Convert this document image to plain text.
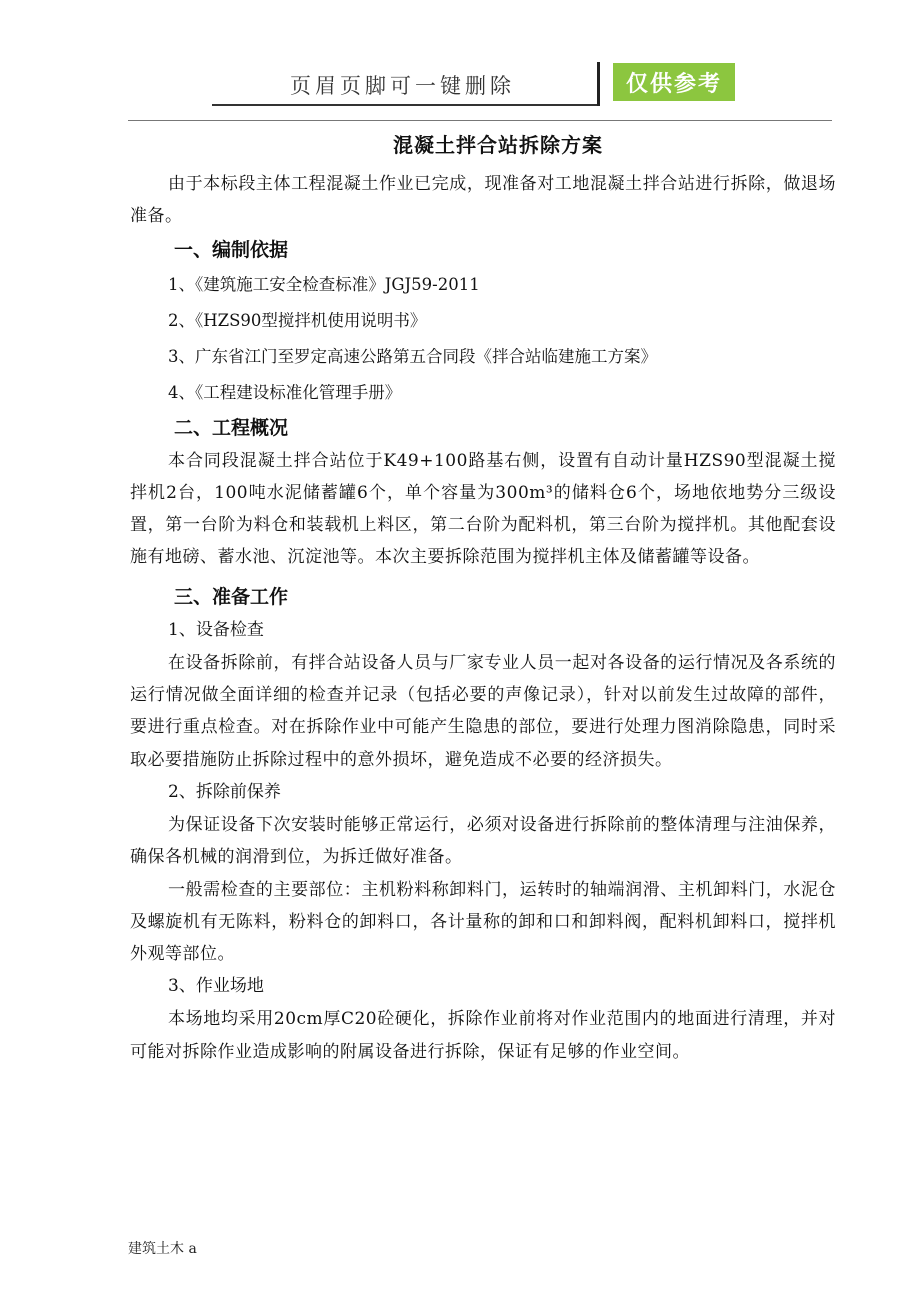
页眉页脚可一键删除	仅供参考
混凝土拌合站拆除方案

由于本标段主体工程混凝土作业已完成，现准备对工地混凝土拌合站进行拆除，做退场准备。

一、编制依据

1、《建筑施工安全检查标准》JGJ59-2011

2、《HZS90型搅拌机使用说明书》

3、广东省江门至罗定高速公路第五合同段《拌合站临建施工方案》

4、《工程建设标准化管理手册》

二、工程概况

本合同段混凝土拌合站位于K49+100路基右侧，设置有自动计量HZS90型混凝土搅拌机2台，100吨水泥储蓄罐6个，单个容量为300m³的储料仓6个，场地依地势分三级设置，第一台阶为料仓和装载机上料区，第二台阶为配料机，第三台阶为搅拌机。其他配套设施有地磅、蓄水池、沉淀池等。本次主要拆除范围为搅拌机主体及储蓄罐等设备。

三、准备工作

1、设备检查

在设备拆除前，有拌合站设备人员与厂家专业人员一起对各设备的运行情况及各系统的运行情况做全面详细的检查并记录（包括必要的声像记录），针对以前发生过故障的部件，要进行重点检查。对在拆除作业中可能产生隐患的部位，要进行处理力图消除隐患，同时采取必要措施防止拆除过程中的意外损坏，避免造成不必要的经济损失。

2、拆除前保养

为保证设备下次安装时能够正常运行，必须对设备进行拆除前的整体清理与注油保养，确保各机械的润滑到位，为拆迁做好准备。

一般需检查的主要部位：主机粉料称卸料门，运转时的轴端润滑、主机卸料门，水泥仓及螺旋机有无陈料，粉料仓的卸料口，各计量称的卸和口和卸料阀，配料机卸料口，搅拌机外观等部位。

3、作业场地

本场地均采用20cm厚C20砼硬化，拆除作业前将对作业范围内的地面进行清理，并对可能对拆除作业造成影响的附属设备进行拆除，保证有足够的作业空间。

建筑土木 a
